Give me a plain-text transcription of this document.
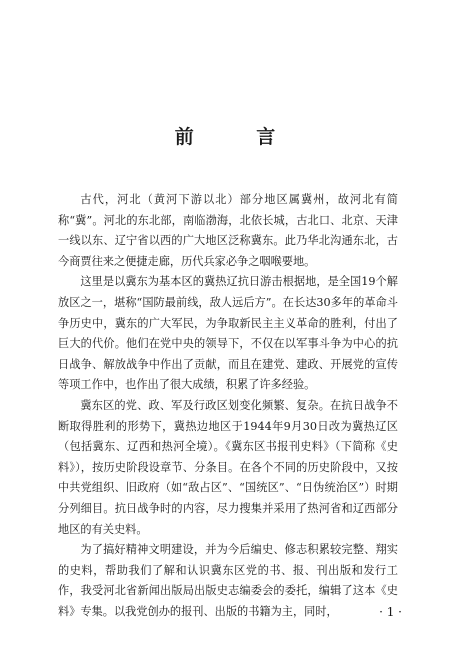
前 言

古代，河北（黄河下游以北）部分地区属冀州，故河北有简称“冀”。河北的东北部，南临渤海，北依长城，古北口、北京、天津一线以东、辽宁省以西的广大地区泛称冀东。此乃华北沟通东北，古今商贾往来之便捷走廊，历代兵家必争之咽喉要地。

这里是以冀东为基本区的冀热辽抗日游击根据地，是全国19个解放区之一，堪称“国防最前线，敌人远后方”。在长达30多年的革命斗争历史中，冀东的广大军民，为争取新民主主义革命的胜利，付出了巨大的代价。他们在党中央的领导下，不仅在以军事斗争为中心的抗日战争、解放战争中作出了贡献，而且在建党、建政、开展党的宣传等项工作中，也作出了很大成绩，积累了许多经验。

冀东区的党、政、军及行政区划变化频繁、复杂。在抗日战争不断取得胜利的形势下，冀热边地区于1944年9月30日改为冀热辽区（包括冀东、辽西和热河全境）。《冀东区书报刊史料》（下简称《史料》），按历史阶段设章节、分条目。在各个不同的历史阶段中，又按中共党组织、旧政府（如“敌占区”、“国统区”、“日伪统治区”）时期分列细目。抗日战争时的内容，尽力搜集并采用了热河省和辽西部分地区的有关史料。

为了搞好精神文明建设，并为今后编史、修志积累较完整、翔实的史料，帮助我们了解和认识冀东区党的书、报、刊出版和发行工作，我受河北省新闻出版局出版史志编委会的委托，编辑了这本《史料》专集。以我党创办的报刊、出版的书籍为主，同时，	· 1 ·
